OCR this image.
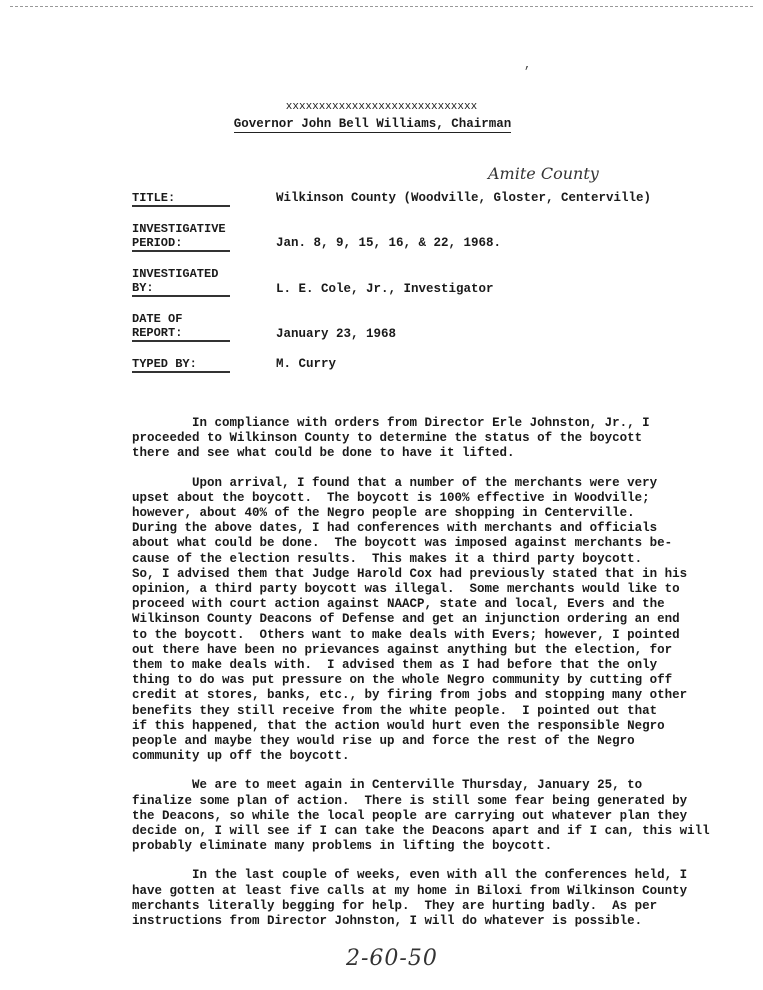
,
xxxxxxxxxxxxxxxxxxxxxxxxxxxxx
Governor John Bell Williams, Chairman
Amite County
TITLE:	Wilkinson County (Woodville, Gloster, Centerville)
INVESTIGATIVE
PERIOD:	Jan. 8, 9, 15, 16, & 22, 1968.
INVESTIGATED
BY:	L. E. Cole, Jr., Investigator
DATE OF
REPORT:	January 23, 1968
TYPED BY:	M. Curry

In compliance with orders from Director Erle Johnston, Jr., I
proceeded to Wilkinson County to determine the status of the boycott
there and see what could be done to have it lifted.

Upon arrival, I found that a number of the merchants were very
upset about the boycott.  The boycott is 100% effective in Woodville;
however, about 40% of the Negro people are shopping in Centerville.
During the above dates, I had conferences with merchants and officials
about what could be done.  The boycott was imposed against merchants be-
cause of the election results.  This makes it a third party boycott.
So, I advised them that Judge Harold Cox had previously stated that in his
opinion, a third party boycott was illegal.  Some merchants would like to
proceed with court action against NAACP, state and local, Evers and the
Wilkinson County Deacons of Defense and get an injunction ordering an end
to the boycott.  Others want to make deals with Evers; however, I pointed
out there have been no prievances against anything but the election, for
them to make deals with.  I advised them as I had before that the only
thing to do was put pressure on the whole Negro community by cutting off
credit at stores, banks, etc., by firing from jobs and stopping many other
benefits they still receive from the white people.  I pointed out that
if this happened, that the action would hurt even the responsible Negro
people and maybe they would rise up and force the rest of the Negro
community up off the boycott.

We are to meet again in Centerville Thursday, January 25, to
finalize some plan of action.  There is still some fear being generated by
the Deacons, so while the local people are carrying out whatever plan they
decide on, I will see if I can take the Deacons apart and if I can, this will
probably eliminate many problems in lifting the boycott.

In the last couple of weeks, even with all the conferences held, I
have gotten at least five calls at my home in Biloxi from Wilkinson County
merchants literally begging for help.  They are hurting badly.  As per
instructions from Director Johnston, I will do whatever is possible.

2-60-50
